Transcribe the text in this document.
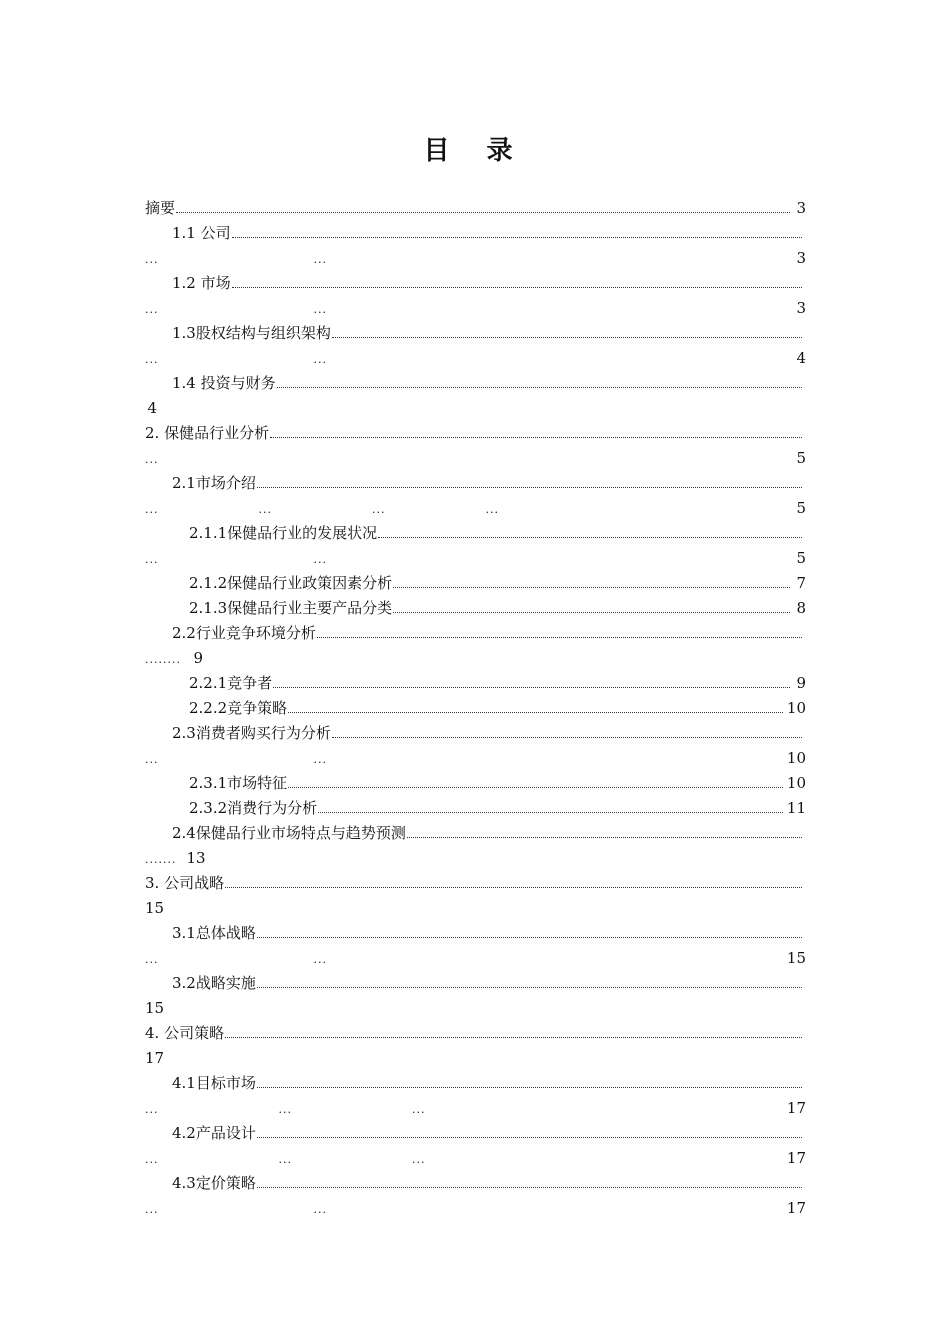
目 录
摘要	3
1.1 公司
...	...	3
1.2 市场
...	...	3
1.3股权结构与组织架构
...	...	4
1.4 投资与财务
4
2. 保健品行业分析
...	5
2.1市场介绍
...	...	...	...	5
2.1.1保健品行业的发展状况
...	...	5
2.1.2保健品行业政策因素分析	7
2.1.3保健品行业主要产品分类	8
2.2行业竞争环境分析
........ 9
2.2.1竞争者	9
2.2.2竞争策略	10
2.3消费者购买行为分析
...	...	10
2.3.1市场特征	10
2.3.2消费行为分析	11
2.4保健品行业市场特点与趋势预测
....... 13
3. 公司战略
15
3.1总体战略
...	...	15
3.2战略实施
15
4. 公司策略
17
4.1目标市场
...	...	...	17
4.2产品设计
...	...	...	17
4.3定价策略
...	...	17
